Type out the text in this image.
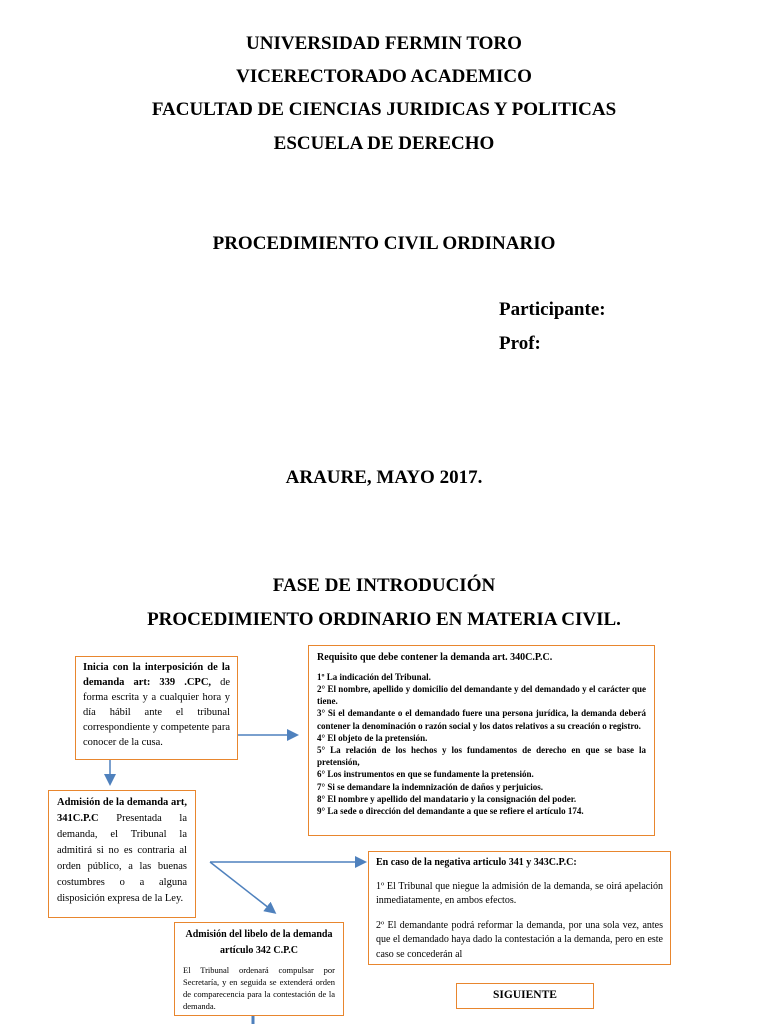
UNIVERSIDAD FERMIN TORO
VICERECTORADO ACADEMICO
FACULTAD DE CIENCIAS JURIDICAS Y POLITICAS
ESCUELA DE DERECHO
PROCEDIMIENTO CIVIL ORDINARIO
Participante:
Prof:
ARAURE, MAYO 2017.
FASE DE INTRODUCIÓN
PROCEDIMIENTO ORDINARIO EN MATERIA CIVIL.
Inicia con la interposición de la demanda art: 339 .CPC, de forma escrita y a cualquier hora y día hábil ante el tribunal correspondiente y competente para conocer de la cusa.

Requisito que debe contener la demanda art. 340C.P.C.

1º La indicación del Tribunal.

2° El nombre, apellido y domicilio del demandante y del demandado y el carácter que tiene.

3° Si el demandante o el demandado fuere una persona jurídica, la demanda deberá contener la denominación o razón social y los datos relativos a su creación o registro.

4° El objeto de la pretensión.

5° La relación de los hechos y los fundamentos de derecho en que se base la pretensión,

6° Los instrumentos en que se fundamente la pretensión.

7° Si se demandare la indemnización de daños y perjuicios.

8° El nombre y apellido del mandatario y la consignación del poder.

9° La sede o dirección del demandante a que se refiere el artículo 174.

Admisión de la demanda art, 341C.P.C Presentada la demanda, el Tribunal la admitirá si no es contraria al orden público, a las buenas costumbres o a alguna disposición expresa de la Ley.

En caso de la negativa articulo 341 y 343C.P.C:

1º El Tribunal que niegue la admisión de la demanda, se oirá apelación inmediatamente, en ambos efectos.

2º El demandante podrá reformar la demanda, por una sola vez, antes que el demandado haya dado la contestación a la demanda, pero en este caso se concederán al

Admisión del libelo de la demanda artículo 342 C.P.C
El Tribunal ordenará compulsar por Secretaría, y en seguida se extenderá orden de comparecencia para la contestación de la demanda.
SIGUIENTE
